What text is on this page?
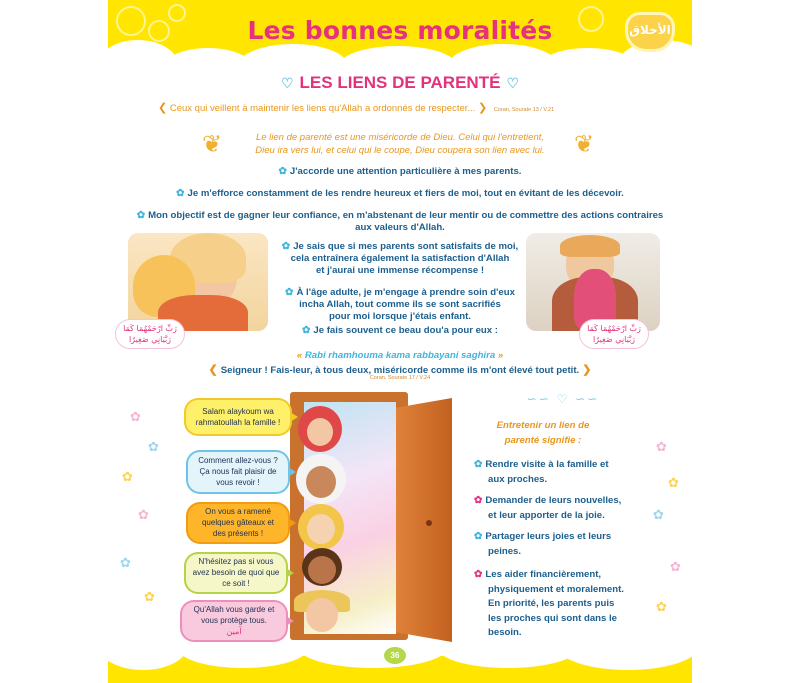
Les bonnes moralités	الأخلاق
♡ LES LIENS DE PARENTÉ ♡
❮ Ceux qui veillent à maintenir les liens qu'Allah a ordonnés de respecter... ❯ Coran, Sourate 13 / V.21
❦	❦
Le lien de parenté est une miséricorde de Dieu. Celui qui l'entretient,
Dieu ira vers lui, et celui qui le coupe, Dieu coupera son lien avec lui.
✿ J'accorde une attention particulière à mes parents.
✿ Je m'efforce constamment de les rendre heureux et fiers de moi, tout en évitant de les décevoir.
✿ Mon objectif est de gagner leur confiance, en m'abstenant de leur mentir ou de commettre des actions contraires
aux valeurs d'Allah.
رَبِّ ارْحَمْهُمَا كَمَا
رَبَّيَانِي صَغِيرًا
رَبِّ ارْحَمْهُمَا كَمَا
رَبَّيَانِي صَغِيرًا
✿ Je sais que si mes parents sont satisfaits de moi,
cela entraînera également la satisfaction d'Allah
et j'aurai une immense récompense !
✿ À l'âge adulte, je m'engage à prendre soin d'eux
incha Allah, tout comme ils se sont sacrifiés
pour moi lorsque j'étais enfant.
✿ Je fais souvent ce beau dou'a pour eux :
« Rabi rhamhouma kama rabbayani saghira »
❮ Seigneur ! Fais-leur, à tous deux, miséricorde comme ils m'ont élevé tout petit. ❯
Coran, Sourate 17 / V.24
✿
✿
✿
✿
✿
✿
✿
✿
✿
✿
✿
Salam alaykoum wa
rahmatoullah la famille !
Comment allez-vous ?
Ça nous fait plaisir de
vous revoir !
On vous a ramené
quelques gâteaux et
des présents !
N'hésitez pas si vous
avez besoin de quoi que
ce soit !
Qu'Allah vous garde et
vous protège tous.
آمين
∽∽ ♡ ∽∽
Entretenir un lien de
parenté signifie :
✿ Rendre visite à la famille et
aux proches.
✿ Demander de leurs nouvelles,
et leur apporter de la joie.
✿ Partager leurs joies et leurs
peines.
✿ Les aider financièrement,
physiquement et moralement.
En priorité, les parents puis
les proches qui sont dans le
besoin.
36
